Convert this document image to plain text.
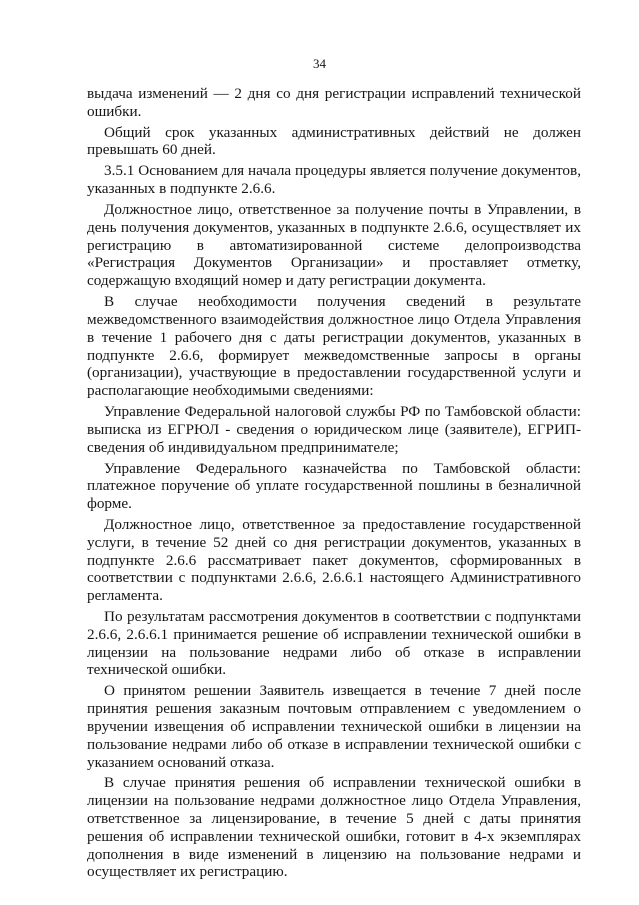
34

выдача изменений — 2 дня со дня регистрации исправлений технической ошибки.

Общий срок указанных административных действий не должен превышать 60 дней.

3.5.1 Основанием для начала процедуры является получение документов, указанных в подпункте 2.6.6.

Должностное лицо, ответственное за получение почты в Управлении, в день получения документов, указанных в подпункте 2.6.6, осуществляет их регистрацию в автоматизированной системе делопроизводства «Регистрация Документов Организации» и проставляет отметку, содержащую входящий номер и дату регистрации документа.

В случае необходимости получения сведений в результате межведомственного взаимодействия должностное лицо Отдела Управления в течение 1 рабочего дня с даты регистрации документов, указанных в подпункте 2.6.6, формирует межведомственные запросы в органы (организации), участвующие в предоставлении государственной услуги и располагающие необходимыми сведениями:

Управление Федеральной налоговой службы РФ по Тамбовской области: выписка из ЕГРЮЛ - сведения о юридическом лице (заявителе), ЕГРИП-сведения об индивидуальном предпринимателе;

Управление Федерального казначейства по Тамбовской области: платежное поручение об уплате государственной пошлины в безналичной форме.

Должностное лицо, ответственное за предоставление государственной услуги, в течение 52 дней со дня регистрации документов, указанных в подпункте 2.6.6 рассматривает пакет документов, сформированных в соответствии с подпунктами 2.6.6, 2.6.6.1 настоящего Административного регламента.

По результатам рассмотрения документов в соответствии с подпунктами 2.6.6, 2.6.6.1 принимается решение об исправлении технической ошибки в лицензии на пользование недрами либо об отказе в исправлении технической ошибки.

О принятом решении Заявитель извещается в течение 7 дней после принятия решения заказным почтовым отправлением с уведомлением о вручении извещения об исправлении технической ошибки в лицензии на пользование недрами либо об отказе в исправлении технической ошибки с указанием оснований отказа.

В случае принятия решения об исправлении технической ошибки в лицензии на пользование недрами должностное лицо Отдела Управления, ответственное за лицензирование, в течение 5 дней с даты принятия решения об исправлении технической ошибки, готовит в 4-х экземплярах дополнения в виде изменений в лицензию на пользование недрами и осуществляет их регистрацию.
